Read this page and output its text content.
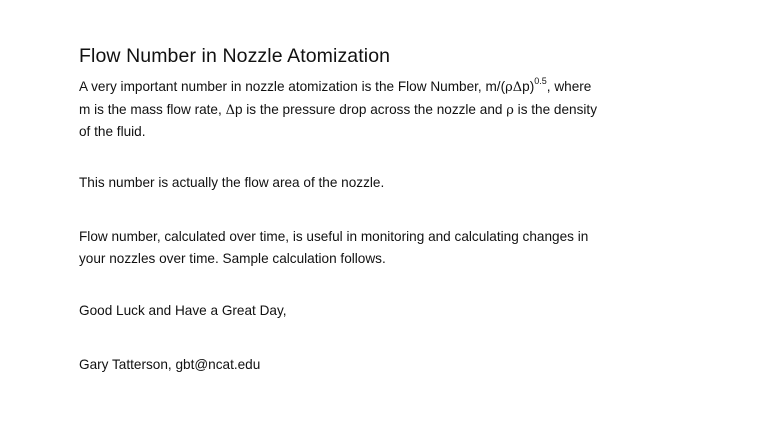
Flow Number in Nozzle Atomization
A very important number in nozzle atomization is the Flow Number, $m/(\rho\Delta p)^{0.5}$, where
m is the mass flow rate, Δp is the pressure drop across the nozzle and ρ is the density
of the fluid.
This number is actually the flow area of the nozzle.
Flow number, calculated over time, is useful in monitoring and calculating changes in
your nozzles over time. Sample calculation follows.
Good Luck and Have a Great Day,
Gary Tatterson, gbt@ncat.edu
